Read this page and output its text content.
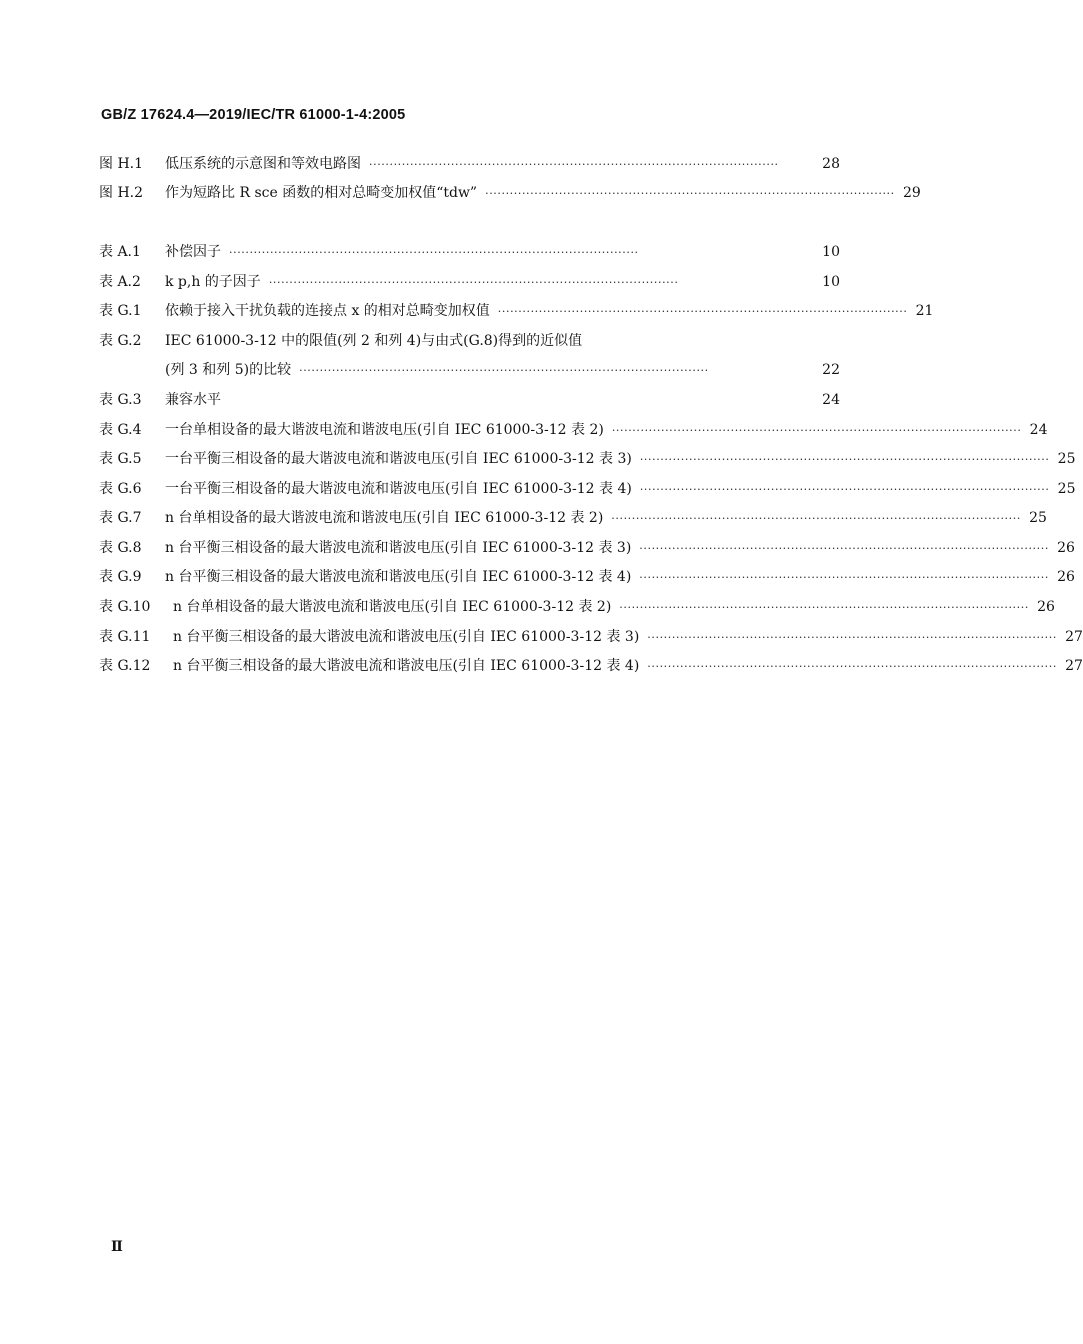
GB/Z 17624.4—2019/IEC/TR 61000-1-4:2005
图 H.1	低压系统的示意图和等效电路图 ····································································································	28
图 H.2	作为短路比 R sce 函数的相对总畸变加权值“tdw” ···································································································· 29
表 A.1	补偿因子 ····································································································	10
表 A.2	k p,h 的子因子 ····································································································	10
表 G.1	依赖于接入干扰负载的连接点 x 的相对总畸变加权值 ···································································································· 21
表 G.2	IEC 61000-3-12 中的限值(列 2 和列 4)与由式(G.8)得到的近似值
(列 3 和列 5)的比较 ····································································································	22
表 G.3	兼容水平	24
表 G.4	一台单相设备的最大谐波电流和谐波电压(引自 IEC 61000-3-12 表 2) ···································································································· 24
表 G.5	一台平衡三相设备的最大谐波电流和谐波电压(引自 IEC 61000-3-12 表 3) ···································································································· 25
表 G.6	一台平衡三相设备的最大谐波电流和谐波电压(引自 IEC 61000-3-12 表 4) ···································································································· 25
表 G.7	n 台单相设备的最大谐波电流和谐波电压(引自 IEC 61000-3-12 表 2) ···································································································· 25
表 G.8	n 台平衡三相设备的最大谐波电流和谐波电压(引自 IEC 61000-3-12 表 3) ···································································································· 26
表 G.9	n 台平衡三相设备的最大谐波电流和谐波电压(引自 IEC 61000-3-12 表 4) ···································································································· 26
表 G.10	n 台单相设备的最大谐波电流和谐波电压(引自 IEC 61000-3-12 表 2) ···································································································· 26
表 G.11	n 台平衡三相设备的最大谐波电流和谐波电压(引自 IEC 61000-3-12 表 3) ···································································································· 27
表 G.12	n 台平衡三相设备的最大谐波电流和谐波电压(引自 IEC 61000-3-12 表 4) ···································································································· 27
Ⅱ
